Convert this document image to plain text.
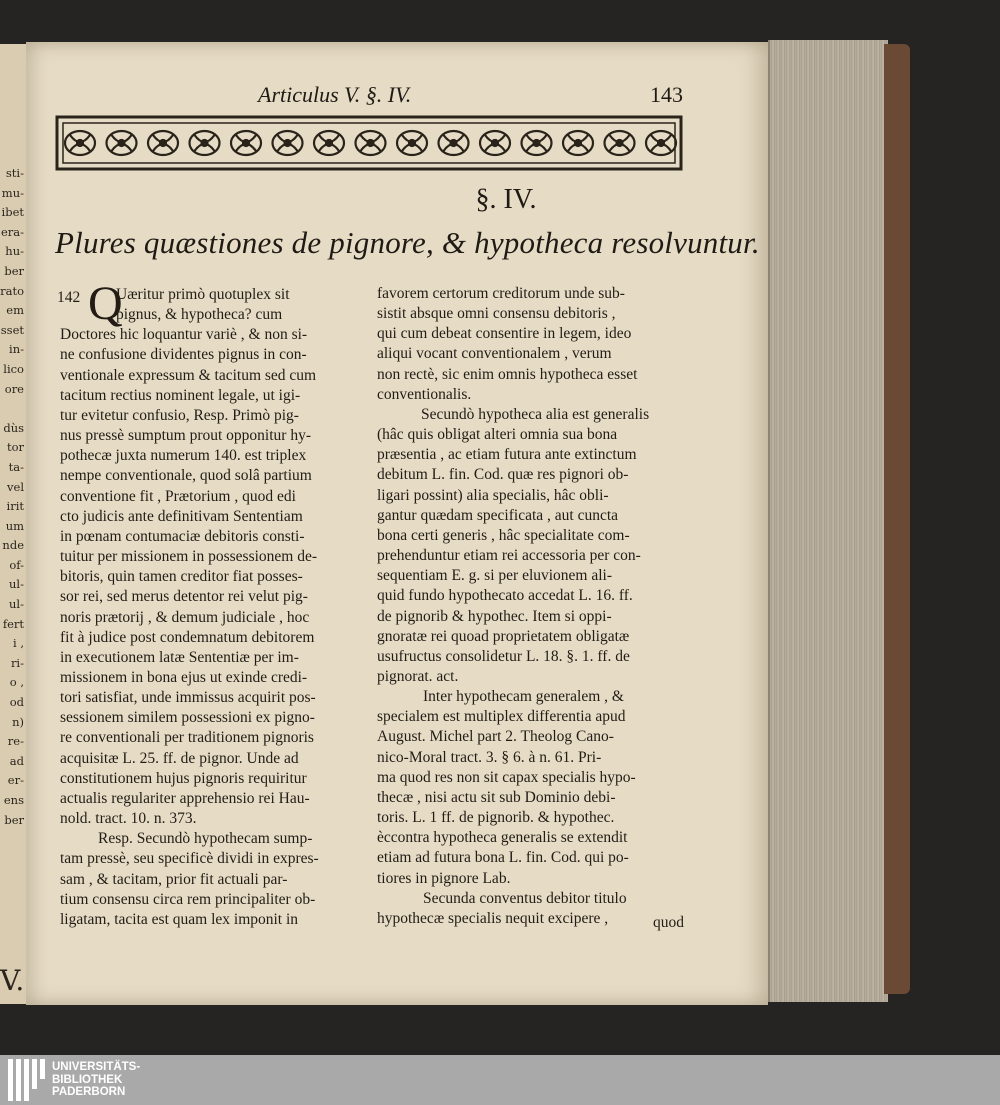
sti-
mu-
ibet
era-
hu-
ber
rato
em
sset
in-
lico
ore

dùs
tor
ta-
vel
irit
um
nde
of-
ul-
ul-
fert
i ,
ri-
o ,
od
n)
re-
ad
er-
ens
ber
V.
Articulus V. §. IV.	143
§. IV.
Plures quæstiones de pignore, & hypotheca resolvuntur.
142 Q
Uæritur primò quotuplex sit
pignus, & hypotheca? cum
Doctores hic loquantur variè , & non si-
ne confusione dividentes pignus in con-
ventionale expressum & tacitum sed cum
tacitum rectius nominent legale, ut igi-
tur evitetur confusio, Resp. Primò pig-
nus pressè sumptum prout opponitur hy-
pothecæ juxta numerum 140. est triplex
nempe conventionale, quod solâ partium
conventione fit , Prætorium , quod edi
cto judicis ante definitivam Sententiam
in pœnam contumaciæ debitoris consti-
tuitur per missionem in possessionem de-
bitoris, quin tamen creditor fiat posses-
sor rei, sed merus detentor rei velut pig-
noris prætorij , & demum judiciale , hoc
fit à judice post condemnatum debitorem
in executionem latæ Sententiæ per im-
missionem in bona ejus ut exinde credi-
tori satisfiat, unde immissus acquirit pos-
sessionem similem possessioni ex pigno-
re conventionali per traditionem pignoris
acquisitæ L. 25. ff. de pignor. Unde ad
constitutionem hujus pignoris requiritur
actualis regulariter apprehensio rei Hau-
nold. tract. 10. n. 373.
Resp. Secundò hypothecam sump-
tam pressè, seu specificè dividi in expres-
sam , & tacitam, prior fit actuali par-
tium consensu circa rem principaliter ob-
ligatam, tacita est quam lex imponit in
favorem certorum creditorum unde sub-
sistit absque omni consensu debitoris ,
qui cum debeat consentire in legem, ideo
aliqui vocant conventionalem , verum
non rectè, sic enim omnis hypotheca esset
conventionalis.
Secundò hypotheca alia est generalis
(hâc quis obligat alteri omnia sua bona
præsentia , ac etiam futura ante extinctum
debitum L. fin. Cod. quæ res pignori ob-
ligari possint) alia specialis, hâc obli-
gantur quædam specificata , aut cuncta
bona certi generis , hâc specialitate com-
prehenduntur etiam rei accessoria per con-
sequentiam E. g. si per eluvionem ali-
quid fundo hypothecato accedat L. 16. ff.
de pignorib & hypothec. Item si oppi-
gnoratæ rei quoad proprietatem obligatæ
usufructus consolidetur L. 18. §. 1. ff. de
pignorat. act.
Inter hypothecam generalem , &
specialem est multiplex differentia apud
August. Michel part 2. Theolog Cano-
nico-Moral tract. 3. § 6. à n. 61. Pri-
ma quod res non sit capax specialis hypo-
thecæ , nisi actu sit sub Dominio debi-
toris. L. 1 ff. de pignorib. & hypothec.
èccontra hypotheca generalis se extendit
etiam ad futura bona L. fin. Cod. qui po-
tiores in pignore Lab.
Secunda conventus debitor titulo
hypothecæ specialis nequit excipere ,	quod
UNIVERSITÄTS-
BIBLIOTHEK
PADERBORN
